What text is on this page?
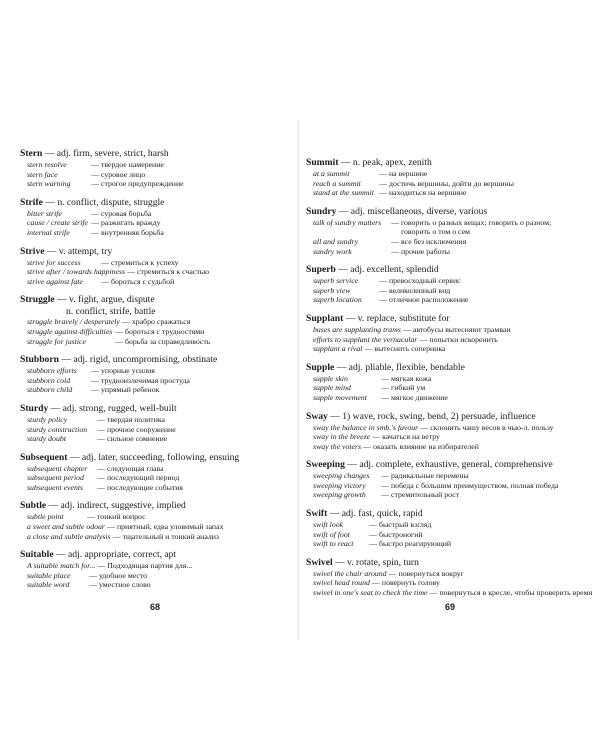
Stern — adj. firm, severe, strict, harsh
stern resolve	— твердое намерение
stern face	— суровое лицо
stern warning	— строгое предупреждение
Strife — n. conflict, dispute, struggle
bitter strife	— суровая борьба
cause / create strife — разжигать вражду
internal strife	— внутренняя борьба
Strive — v. attempt, try
strive for success	— стремиться к успеху
strive after / towards happiness — стремиться к счастью
strive against fate	— бороться с судьбой
Struggle — v. fight, argue, dispute
n. conflict, strife, battle
struggle bravely / desperately — храбро сражаться
struggle against difficulties — бороться с трудностями
struggle for justice	— борьба за справедливость
Stubborn — adj. rigid, uncompromising, obstinate
stubborn efforts	— упорные усилия
stubborn cold	— трудноизлечимая простуда
stubborn child	— упрямый ребенок
Sturdy — adj. strong, rugged, well-built
sturdy policy	— твердая политика
sturdy construction	— прочное сооружение
sturdy doubt	— сильное сомнение
Subsequent — adj. later, succeeding, following, ensuing
subsequent chapter	— следующая глава
subsequent period	— последующий период
subsequent events	— последующие события
Subtle — adj. indirect, suggestive, implied
subtle point	— тонкий вопрос
a sweet and subtle odour — приятный, едва уловимый запах
a close and subtle analysis — тщательный и тонкий анализ
Suitable — adj. appropriate, correct, apt
A suitable match for... — Подходящая партия для...
suitable place	— удобное место
suitable word	— уместное слово
Summit — n. peak, apex, zenith
at a summit	— на вершине
reach a summit	— достичь вершины, дойти до вершины
stand at the summit — находиться на вершине
Sundry — adj. miscellaneous, diverse, various
talk of sundry matters	— говорить о разных вещах; говорить о разном;
говорить о том о сем
all and sundry	— все без исключения
sundry work	— прочие работы
Superb — adj. excellent, splendid
superb service	— превосходный сервис
superb view	— великолепный вид
superb location	— отличное расположение
Supplant — v. replace, substitute for
buses are supplanting trams — автобусы вытесняют трамваи
efforts to supplant the vernacular — попытки искоренить
supplant a rival — вытеснить соперника
Supple — adj. pliable, flexible, bendable
supple skin	— мягкая кожа
supple mind	— гибкий ум
supple movement	— мягкое движение
Sway — 1) wave, rock, swing, bend, 2) persuade, influence
sway the balance in smb.'s favour — склонить чашу весов в чью-л. пользу
sway in the breeze — качаться на ветру
sway the voters — оказать влияние на избирателей
Sweeping — adj. complete, exhaustive, general, comprehensive
sweeping changes	— радикальные перемены
sweeping victory	— победа с большим преимуществом, полная победа
sweeping growth	— стремительный рост
Swift — adj. fast, quick, rapid
swift look	— быстрый взгляд
swift of foot	— быстроногий
swift to react	— быстро реагирующий
Swivel — v. rotate, spin, turn
swivel the chair around — повернуться вокруг
swivel head round — повернуть голову
swivel in one's seat to check the time — повернуться в кресле, чтобы проверить время
68	69
